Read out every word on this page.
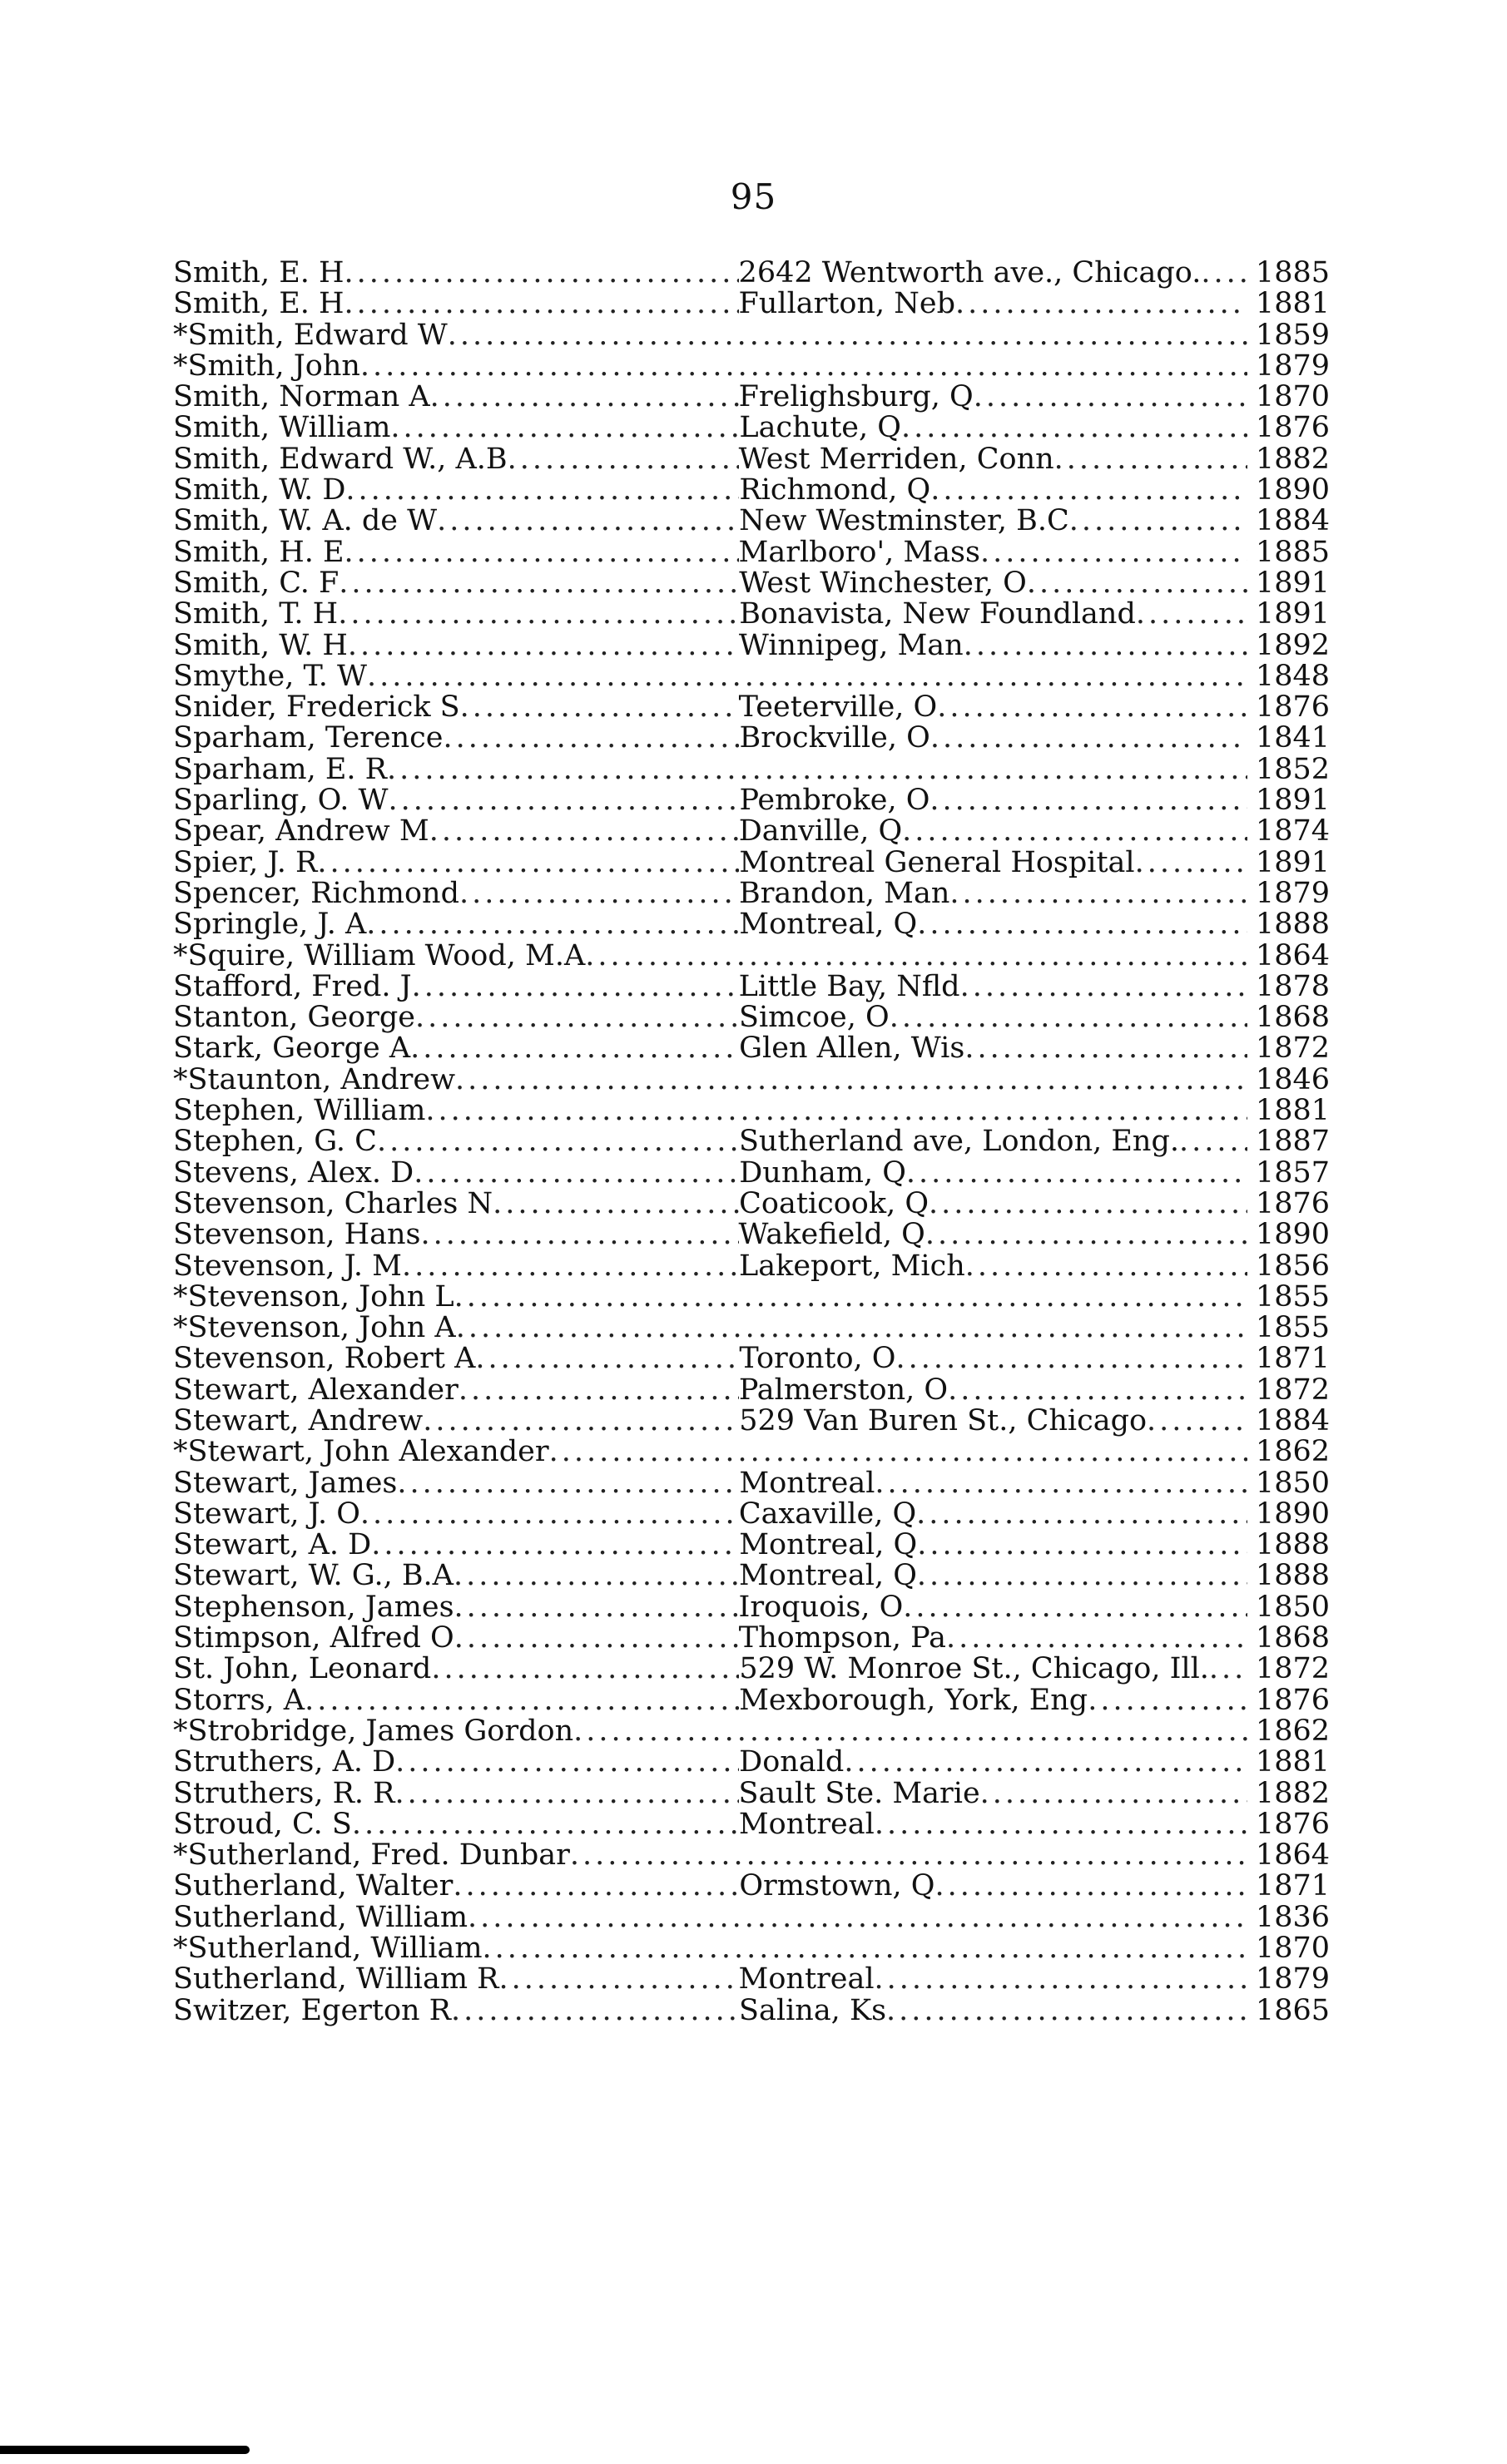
95
Smith, E. H .....	2642 Wentworth ave., Chicago. ..... 1885
Smith, E. H .....	Fullarton, Neb .....	1881
*Smith, Edward W .....	1859
*Smith, John .....	1879
Smith, Norman A .....	Frelighsburg, Q .....	1870
Smith, William .....	Lachute, Q .....	1876
Smith, Edward W., A.B .....	West Merriden, Conn .....	1882
Smith, W. D .....	Richmond, Q .....	1890
Smith, W. A. de W .....	New Westminster, B.C .....	1884
Smith, H. E .....	Marlboro', Mass .....	1885
Smith, C. F .....	West Winchester, O .....	1891
Smith, T. H .....	Bonavista, New Foundland .....	1891
Smith, W. H .....	Winnipeg, Man .....	1892
Smythe, T. W .....	1848
Snider, Frederick S .....	Teeterville, O .....	1876
Sparham, Terence .....	Brockville, O .....	1841
Sparham, E. R .....	1852
Sparling, O. W .....	Pembroke, O .....	1891
Spear, Andrew M .....	Danville, Q .....	1874
Spier, J. R .....	Montreal General Hospital .....	1891
Spencer, Richmond .....	Brandon, Man .....	1879
Springle, J. A .....	Montreal, Q .....	1888
*Squire, William Wood, M.A .....	1864
Stafford, Fred. J .....	Little Bay, Nfld .....	1878
Stanton, George .....	Simcoe, O .....	1868
Stark, George A .....	Glen Allen, Wis .....	1872
*Staunton, Andrew .....	1846
Stephen, William .....	1881
Stephen, G. C .....	Sutherland ave, London, Eng. .....	1887
Stevens, Alex. D .....	Dunham, Q .....	1857
Stevenson, Charles N .....	Coaticook, Q .....	1876
Stevenson, Hans .....	Wakefield, Q .....	1890
Stevenson, J. M .....	Lakeport, Mich .....	1856
*Stevenson, John L .....	1855
*Stevenson, John A .....	1855
Stevenson, Robert A .....	Toronto, O .....	1871
Stewart, Alexander .....	Palmerston, O .....	1872
Stewart, Andrew .....	529 Van Buren St., Chicago .....	1884
*Stewart, John Alexander .....	1862
Stewart, James .....	Montreal .....	1850
Stewart, J. O .....	Caxaville, Q .....	1890
Stewart, A. D .....	Montreal, Q .....	1888
Stewart, W. G., B.A .....	Montreal, Q .....	1888
Stephenson, James .....	Iroquois, O .....	1850
Stimpson, Alfred O .....	Thompson, Pa .....	1868
St. John, Leonard .....	529 W. Monroe St., Chicago, Ill. ..... 1872
Storrs, A .....	Mexborough, York, Eng .....	1876
*Strobridge, James Gordon .....	1862
Struthers, A. D .....	Donald .....	1881
Struthers, R. R .....	Sault Ste. Marie .....	1882
Stroud, C. S .....	Montreal .....	1876
*Sutherland, Fred. Dunbar .....	1864
Sutherland, Walter .....	Ormstown, Q .....	1871
Sutherland, William .....	1836
*Sutherland, William .....	1870
Sutherland, William R .....	Montreal .....	1879
Switzer, Egerton R .....	Salina, Ks .....	1865
